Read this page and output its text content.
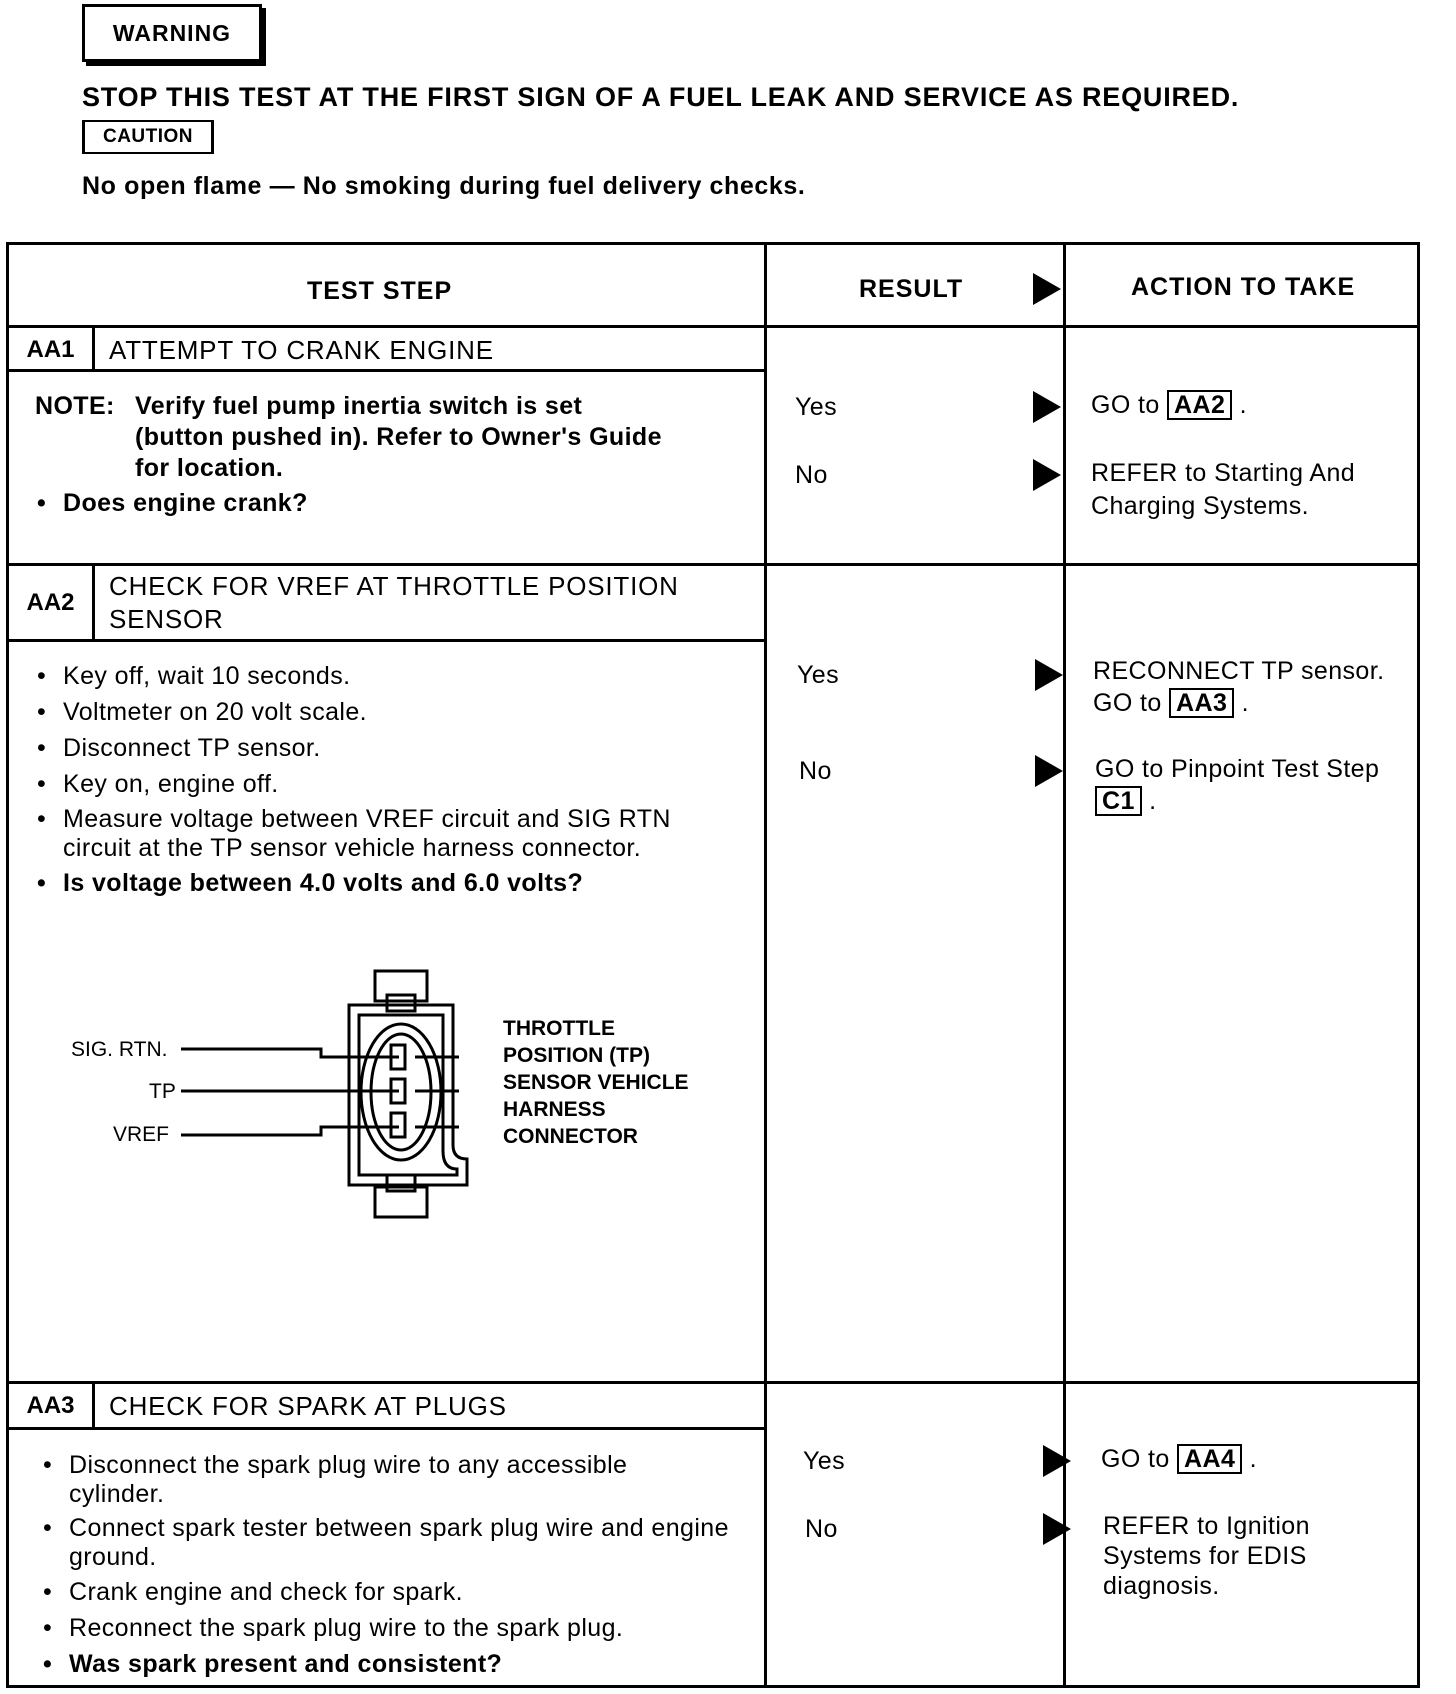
WARNING
STOP THIS TEST AT THE FIRST SIGN OF A FUEL LEAK AND SERVICE AS REQUIRED.
CAUTION
No open flame — No smoking during fuel delivery checks.
TEST STEP	RESULT	ACTION TO TAKE
AA1	ATTEMPT TO CRANK ENGINE
NOTE: Verify fuel pump inertia switch is set (button pushed in). Refer to Owner's Guide for location.
• Does engine crank?
Yes	GO to AA2 .
No	REFER to Starting And Charging Systems.
AA2
CHECK FOR VREF AT THROTTLE POSITION SENSOR
• Key off, wait 10 seconds.
• Voltmeter on 20 volt scale.
• Disconnect TP sensor.
• Key on, engine off.
• Measure voltage between VREF circuit and SIG RTN circuit at the TP sensor vehicle harness connector.
• Is voltage between 4.0 volts and 6.0 volts?
SIG. RTN.
TP
VREF
THROTTLE
POSITION (TP)
SENSOR VEHICLE
HARNESS
CONNECTOR
Yes	RECONNECT TP sensor. GO to AA3 .
No	GO to Pinpoint Test Step C1 .
AA3	CHECK FOR SPARK AT PLUGS
• Disconnect the spark plug wire to any accessible cylinder.
• Connect spark tester between spark plug wire and engine ground.
• Crank engine and check for spark.
• Reconnect the spark plug wire to the spark plug.
• Was spark present and consistent?
Yes	GO to AA4 .
No	REFER to Ignition Systems for EDIS diagnosis.
